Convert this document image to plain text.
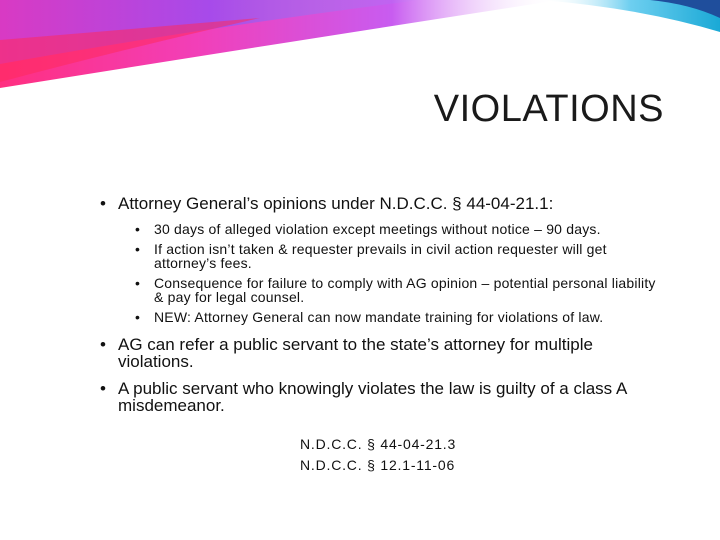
VIOLATIONS
• Attorney General’s opinions under N.D.C.C. § 44-04-21.1:
• 30 days of alleged violation except meetings without notice – 90 days.
• If action isn’t taken & requester prevails in civil action requester will get attorney’s fees.
• Consequence for failure to comply with AG opinion – potential personal liability & pay for legal counsel.
• NEW: Attorney General can now mandate training for violations of law.
• AG can refer a public servant to the state’s attorney for multiple violations.
• A public servant who knowingly violates the law is guilty of a class A misdemeanor.
N.D.C.C. § 44-04-21.3
N.D.C.C. § 12.1-11-06
